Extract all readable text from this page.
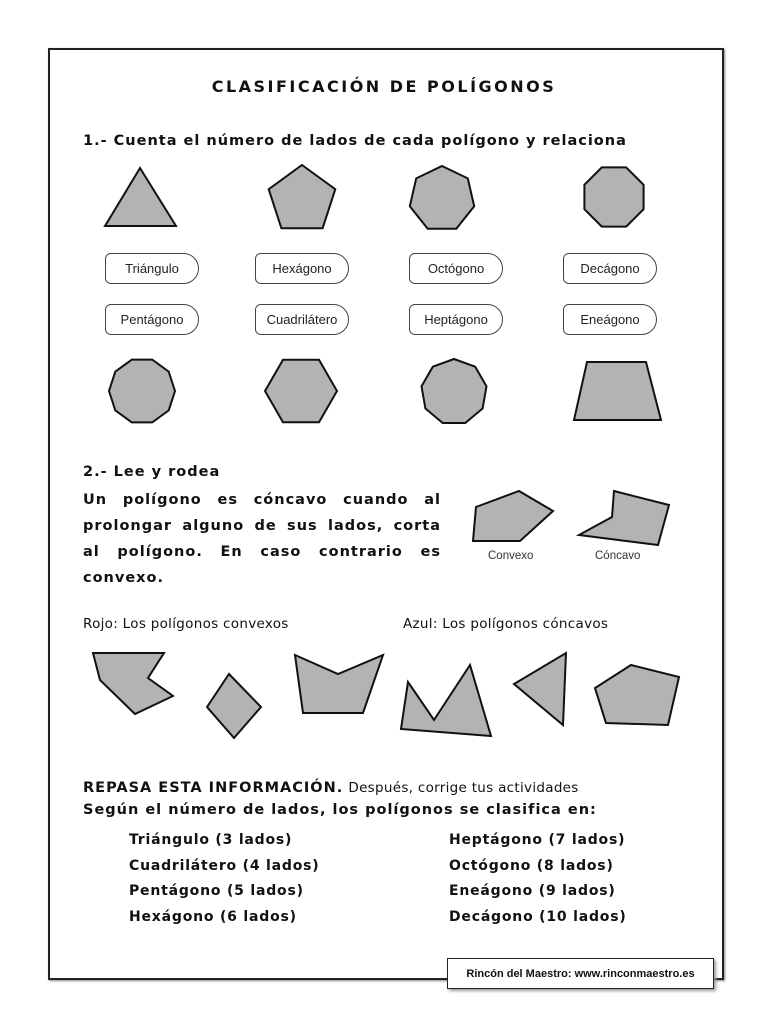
CLASIFICACIÓN DE POLÍGONOS
1.- Cuenta el número de lados de cada polígono y relaciona
Triángulo	Hexágono	Octógono	Decágono
Pentágono	Cuadrilátero	Heptágono	Eneágono
2.- Lee y rodea
Un polígono es cóncavo cuando al prolongar alguno de sus lados, corta al polígono. En caso contrario es convexo.
Convexo	Cóncavo
Rojo: Los polígonos convexos	Azul: Los polígonos cóncavos
REPASA ESTA INFORMACIÓN. Después, corrige tus actividades
Según el número de lados, los polígonos se clasifica en:
Triángulo (3 lados)
Cuadrilátero (4 lados)
Pentágono (5 lados)
Hexágono (6 lados)
Heptágono (7 lados)
Octógono (8 lados)
Eneágono (9 lados)
Decágono (10 lados)
Rincón del Maestro: www.rinconmaestro.es
